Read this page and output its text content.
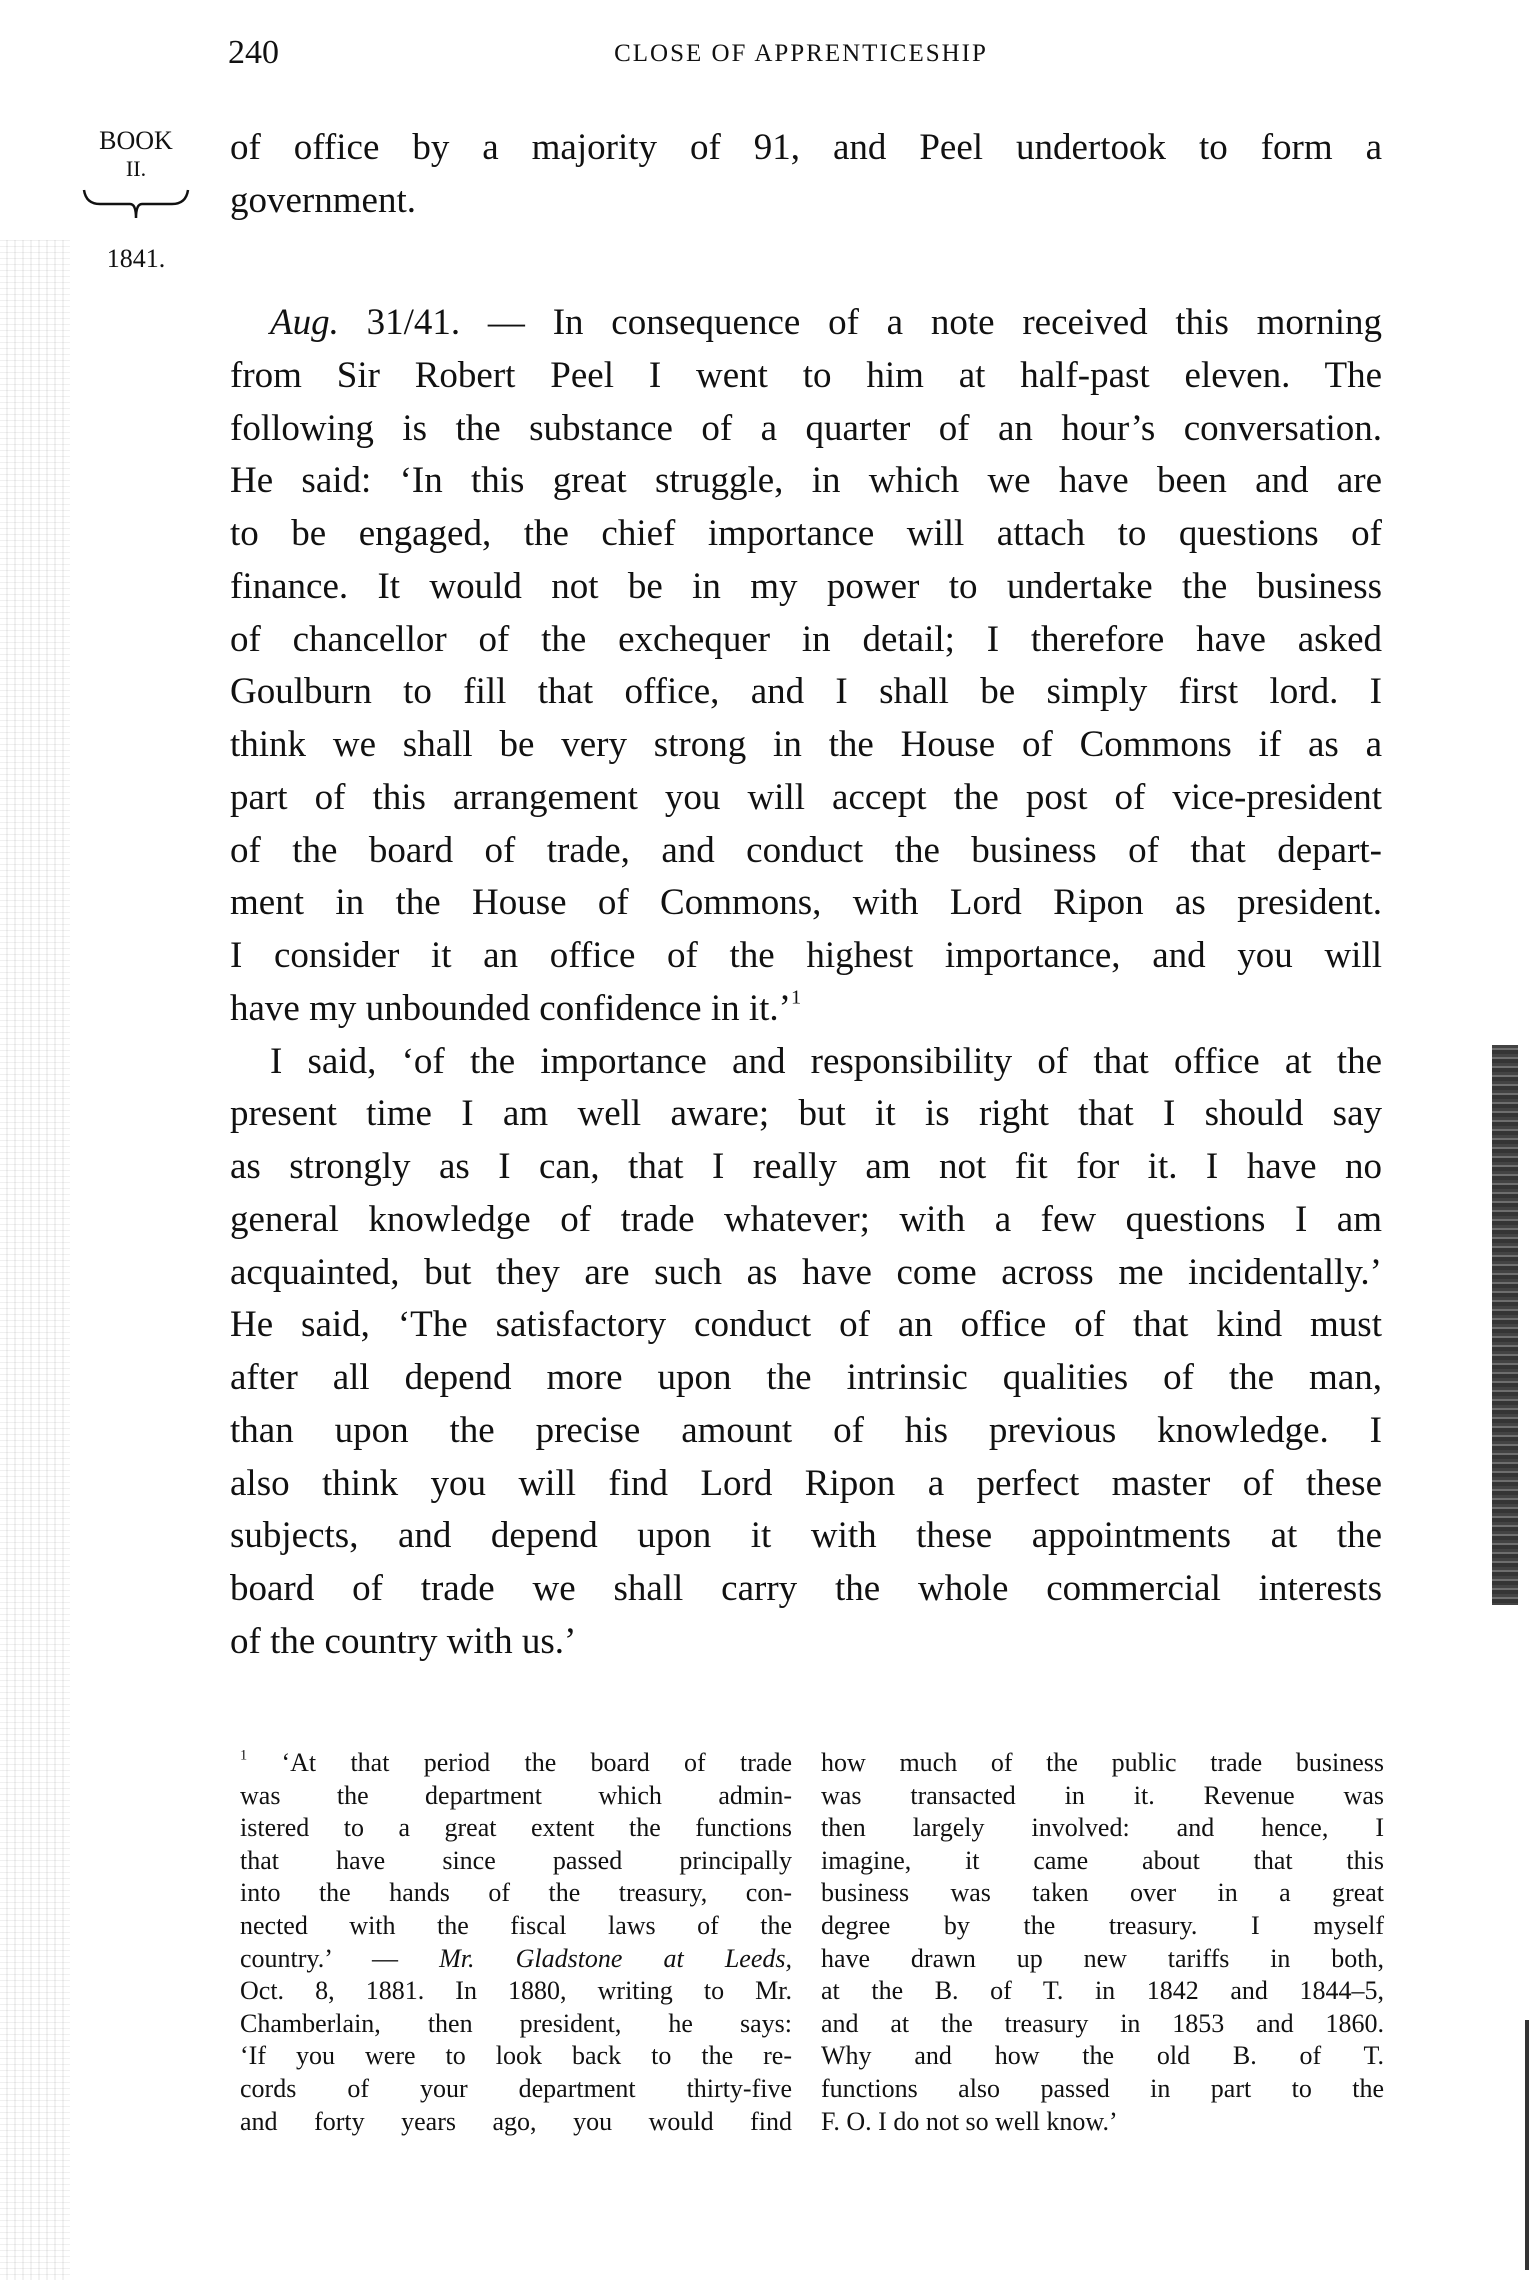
240	CLOSE OF APPRENTICESHIP
BOOK
II.
1841.
of office by a majority of 91, and Peel undertook to form a
government.
Aug. 31/41. — In consequence of a note received this morning
from Sir Robert Peel I went to him at half-past eleven. The
following is the substance of a quarter of an hour’s conversation.
He said: ‘In this great struggle, in which we have been and are
to be engaged, the chief importance will attach to questions of
finance. It would not be in my power to undertake the business
of chancellor of the exchequer in detail; I therefore have asked
Goulburn to fill that office, and I shall be simply first lord. I
think we shall be very strong in the House of Commons if as a
part of this arrangement you will accept the post of vice-president
of the board of trade, and conduct the business of that depart-
ment in the House of Commons, with Lord Ripon as president.
I consider it an office of the highest importance, and you will
have my unbounded confidence in it.’$^1$
I said, ‘of the importance and responsibility of that office at the
present time I am well aware; but it is right that I should say
as strongly as I can, that I really am not fit for it. I have no
general knowledge of trade whatever; with a few questions I am
acquainted, but they are such as have come across me incidentally.’
He said, ‘The satisfactory conduct of an office of that kind must
after all depend more upon the intrinsic qualities of the man,
than upon the precise amount of his previous knowledge. I
also think you will find Lord Ripon a perfect master of these
subjects, and depend upon it with these appointments at the
board of trade we shall carry the whole commercial interests
of the country with us.’
$^1$ ‘At that period the board of trade
was the department which admin-
istered to a great extent the functions
that have since passed principally
into the hands of the treasury, con-
nected with the fiscal laws of the
country.’ — Mr. Gladstone at Leeds,
Oct. 8, 1881. In 1880, writing to Mr.
Chamberlain, then president, he says:
‘If you were to look back to the re-
cords of your department thirty-five
and forty years ago, you would find
how much of the public trade business
was transacted in it. Revenue was
then largely involved: and hence, I
imagine, it came about that this
business was taken over in a great
degree by the treasury. I myself
have drawn up new tariffs in both,
at the B. of T. in 1842 and 1844–5,
and at the treasury in 1853 and 1860.
Why and how the old B. of T.
functions also passed in part to the
F. O. I do not so well know.’
